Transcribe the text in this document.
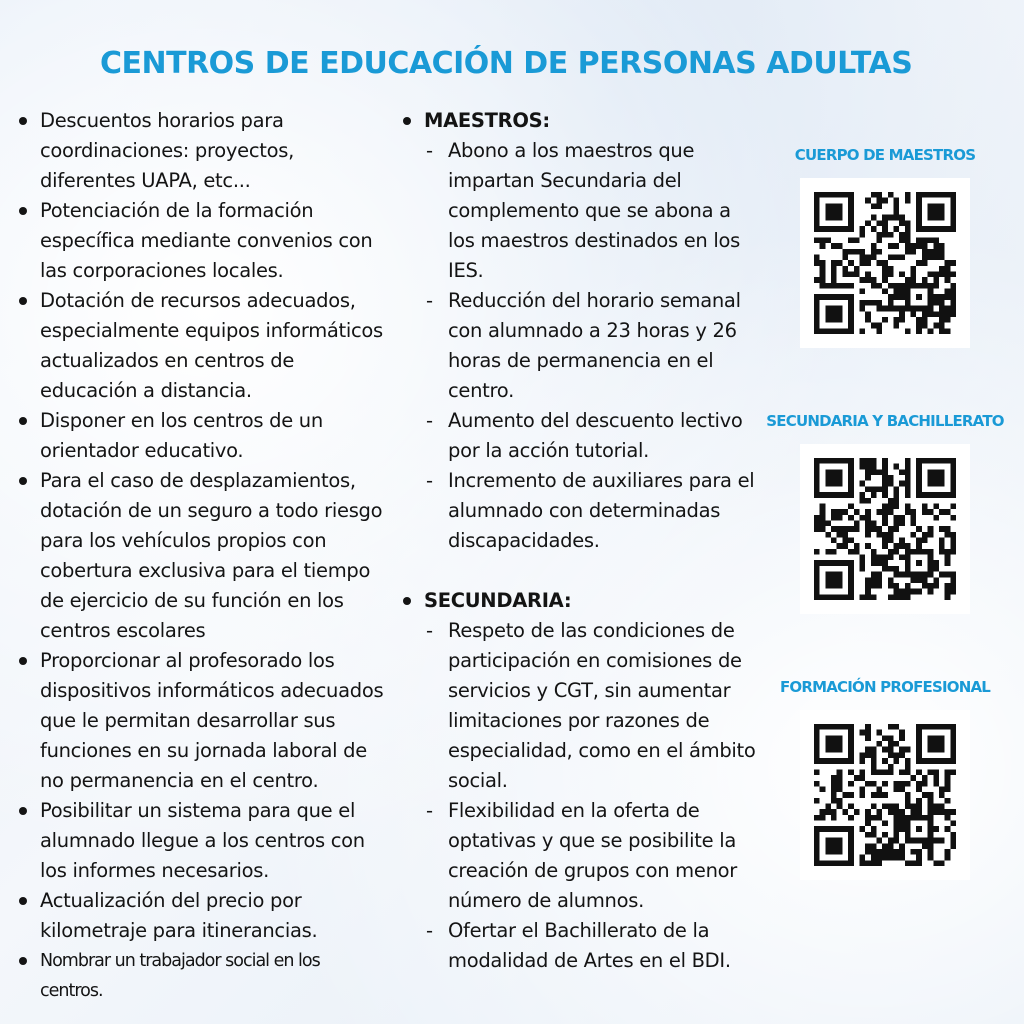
CENTROS DE EDUCACIÓN DE PERSONAS ADULTAS
Descuentos horarios para coordinaciones: proyectos, diferentes UAPA, etc...
Potenciación de la formación específica mediante convenios con las corporaciones locales.
Dotación de recursos adecuados, especialmente equipos informáticos actualizados en centros de educación a distancia.
Disponer en los centros de un orientador educativo.
Para el caso de desplazamientos, dotación de un seguro a todo riesgo para los vehículos propios con cobertura exclusiva para el tiempo de ejercicio de su función en los centros escolares
Proporcionar al profesorado los dispositivos informáticos adecuados que le permitan desarrollar sus funciones en su jornada laboral de no permanencia en el centro.
Posibilitar un sistema para que el alumnado llegue a los centros con los informes necesarios.
Actualización del precio por kilometraje para itinerancias.
Nombrar un trabajador social en los centros.
MAESTROS:
- Abono a los maestros que impartan Secundaria del complemento que se abona a los maestros destinados en los IES.
- Reducción del horario semanal con alumnado a 23 horas y 26 horas de permanencia en el centro.
- Aumento del descuento lectivo por la acción tutorial.
- Incremento de auxiliares para el alumnado con determinadas discapacidades.
SECUNDARIA:
- Respeto de las condiciones de participación en comisiones de servicios y CGT, sin aumentar limitaciones por razones de especialidad, como en el ámbito social.
- Flexibilidad en la oferta de optativas y que se posibilite la creación de grupos con menor número de alumnos.
- Ofertar el Bachillerato de la modalidad de Artes en el BDI.
CUERPO DE MAESTROS
SECUNDARIA Y BACHILLERATO
FORMACIÓN PROFESIONAL
